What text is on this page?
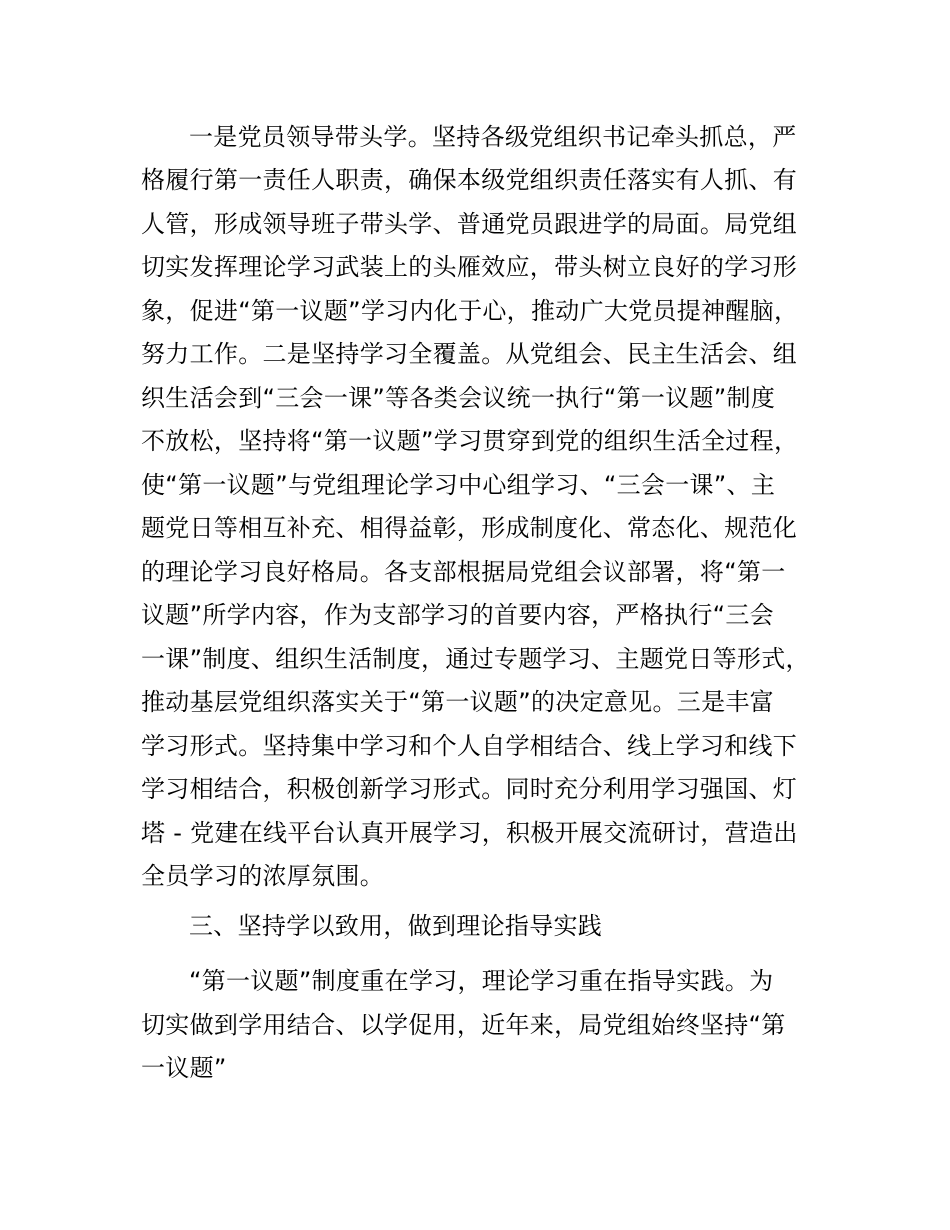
一是党员领导带头学。坚持各级党组织书记牵头抓总，严

格履行第一责任人职责，确保本级党组织责任落实有人抓、有

人管，形成领导班子带头学、普通党员跟进学的局面。局党组

切实发挥理论学习武装上的头雁效应，带头树立良好的学习形

象，促进“第一议题”学习内化于心，推动广大党员提神醒脑，

努力工作。二是坚持学习全覆盖。从党组会、民主生活会、组

织生活会到“三会一课”等各类会议统一执行“第一议题”制度

不放松，坚持将“第一议题”学习贯穿到党的组织生活全过程，

使“第一议题”与党组理论学习中心组学习、“三会一课”、主

题党日等相互补充、相得益彰，形成制度化、常态化、规范化

的理论学习良好格局。各支部根据局党组会议部署，将“第一

议题”所学内容，作为支部学习的首要内容，严格执行“三会

一课”制度、组织生活制度，通过专题学习、主题党日等形式，

推动基层党组织落实关于“第一议题”的决定意见。三是丰富

学习形式。坚持集中学习和个人自学相结合、线上学习和线下

学习相结合，积极创新学习形式。同时充分利用学习强国、灯

塔 - 党建在线平台认真开展学习，积极开展交流研讨，营造出

全员学习的浓厚氛围。

三、坚持学以致用，做到理论指导实践

“第一议题”制度重在学习，理论学习重在指导实践。为

切实做到学用结合、以学促用，近年来，局党组始终坚持“第

一议题”
